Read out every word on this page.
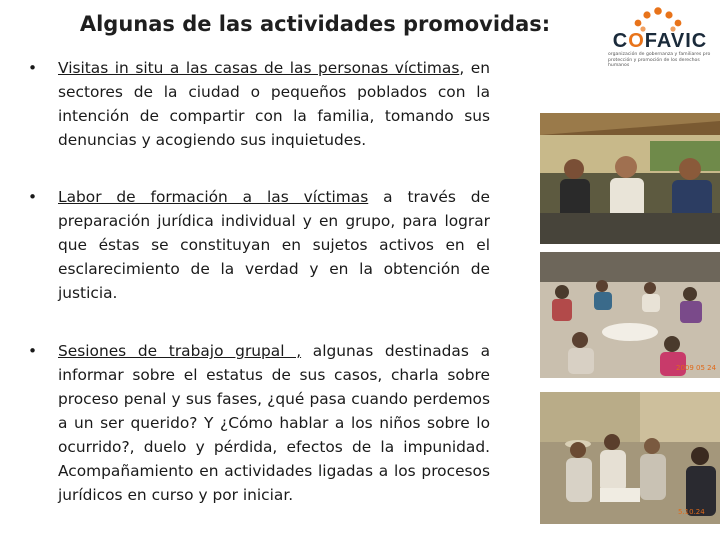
Algunas de las actividades promovidas:
COFAVIC
organización de gobernanza y familiares pro protección y promoción de los derechos humanos
• Visitas in situ a las casas de las personas víctimas, en sectores de la ciudad o pequeños poblados con la intención de compartir con la familia, tomando sus denuncias y acogiendo sus inquietudes.
• Labor de formación a las víctimas a través de preparación jurídica individual y en grupo, para lograr que éstas se constituyan en sujetos activos en el esclarecimiento de la verdad y en la obtención de justicia.
• Sesiones de trabajo grupal , algunas destinadas a informar sobre el estatus de sus casos, charla sobre proceso penal y sus fases, ¿qué pasa cuando perdemos a un ser querido? Y ¿Cómo hablar a los niños sobre lo ocurrido?, duelo y pérdida, efectos de la impunidad. Acompañamiento en actividades ligadas a los procesos jurídicos en curso y por iniciar.
2009 05 24
5.10.24
